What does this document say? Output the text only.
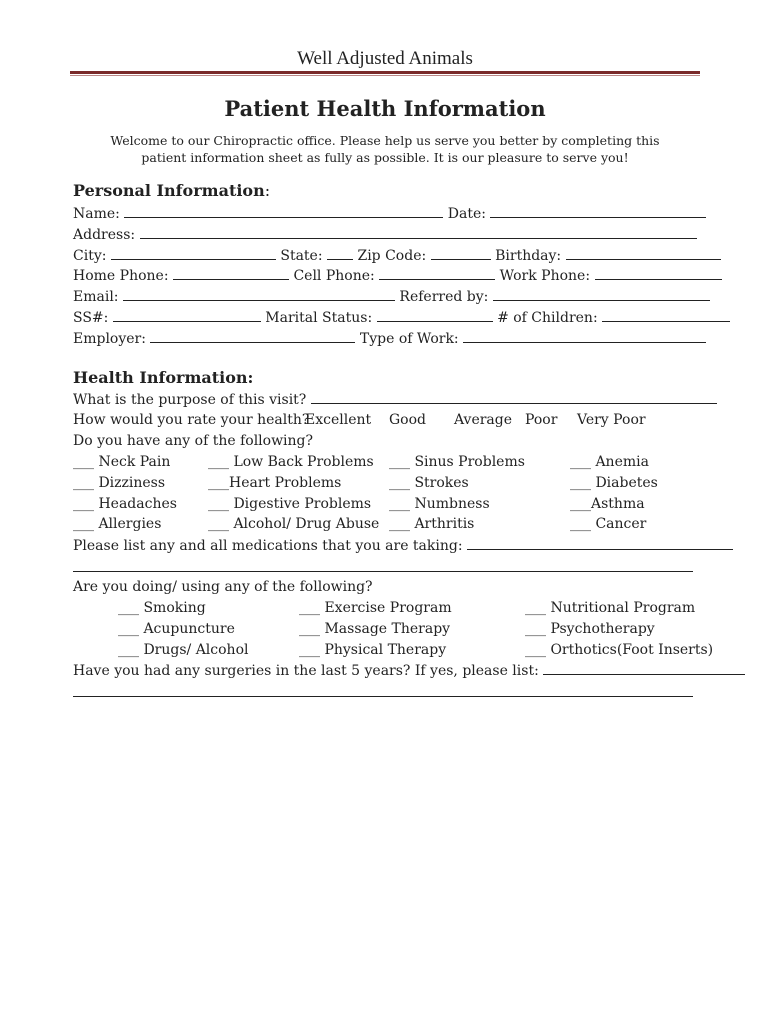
Well Adjusted Animals
Patient Health Information
Welcome to our Chiropractic office. Please help us serve you better by completing this patient information sheet as fully as possible. It is our pleasure to serve you!
Personal Information:
Name:	Date:
Address:
City:	State: Zip Code:	Birthday:
Home Phone:	Cell Phone:	Work Phone:
Email:	Referred by:
SS#:	Marital Status:	# of Children:
Employer:	Type of Work:
Health Information:
What is the purpose of this visit?
How would you rate your health?
Excellent Good Average Poor Very Poor
Do you have any of the following?
___ Neck Pain	___ Low Back Problems ___ Sinus Problems	___ Anemia
___ Dizziness	___Heart Problems	___ Strokes	___ Diabetes
___ Headaches ___ Digestive Problems ___ Numbness	___Asthma
___ Allergies	___ Alcohol/ Drug Abuse ___ Arthritis	___ Cancer
Please list any and all medications that you are taking:
Are you doing/ using any of the following?
___ Smoking	___ Exercise Program	___ Nutritional Program
___ Acupuncture	___ Massage Therapy	___ Psychotherapy
___ Drugs/ Alcohol	___ Physical Therapy	___ Orthotics(Foot Inserts)
Have you had any surgeries in the last 5 years? If yes, please list:
